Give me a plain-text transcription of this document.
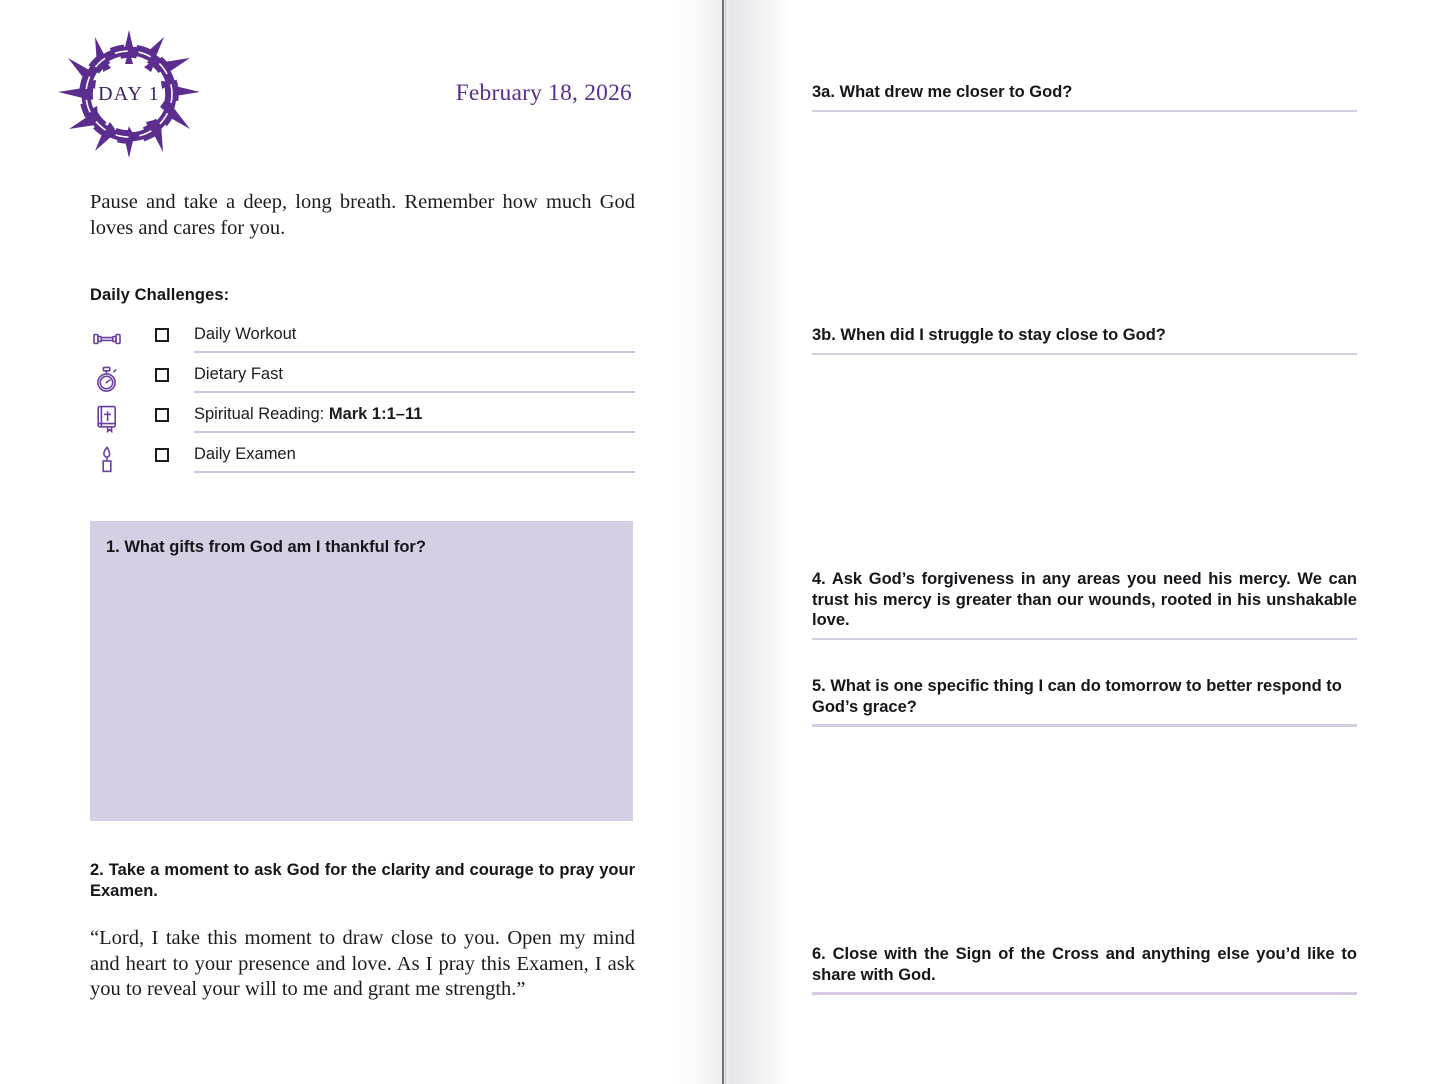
DAY 1	February 18, 2026

Pause and take a deep, long breath. Remember how much God loves and cares for you.

Daily Challenges:
Daily Workout
Dietary Fast
Spiritual Reading: Mark 1:1–11
Daily Examen
1. What gifts from God am I thankful for?
2. Take a moment to ask God for the clarity and courage to pray your Examen.

“Lord, I take this moment to draw close to you. Open my mind and heart to your presence and love. As I pray this Examen, I ask you to reveal your will to me and grant me strength.”

3a. What drew me closer to God?
3b. When did I struggle to stay close to God?
4. Ask God’s forgiveness in any areas you need his mercy. We can trust his mercy is greater than our wounds, rooted in his unshakable love.
5. What is one specific thing I can do tomorrow to better respond to God’s grace?
6. Close with the Sign of the Cross and anything else you’d like to share with God.
